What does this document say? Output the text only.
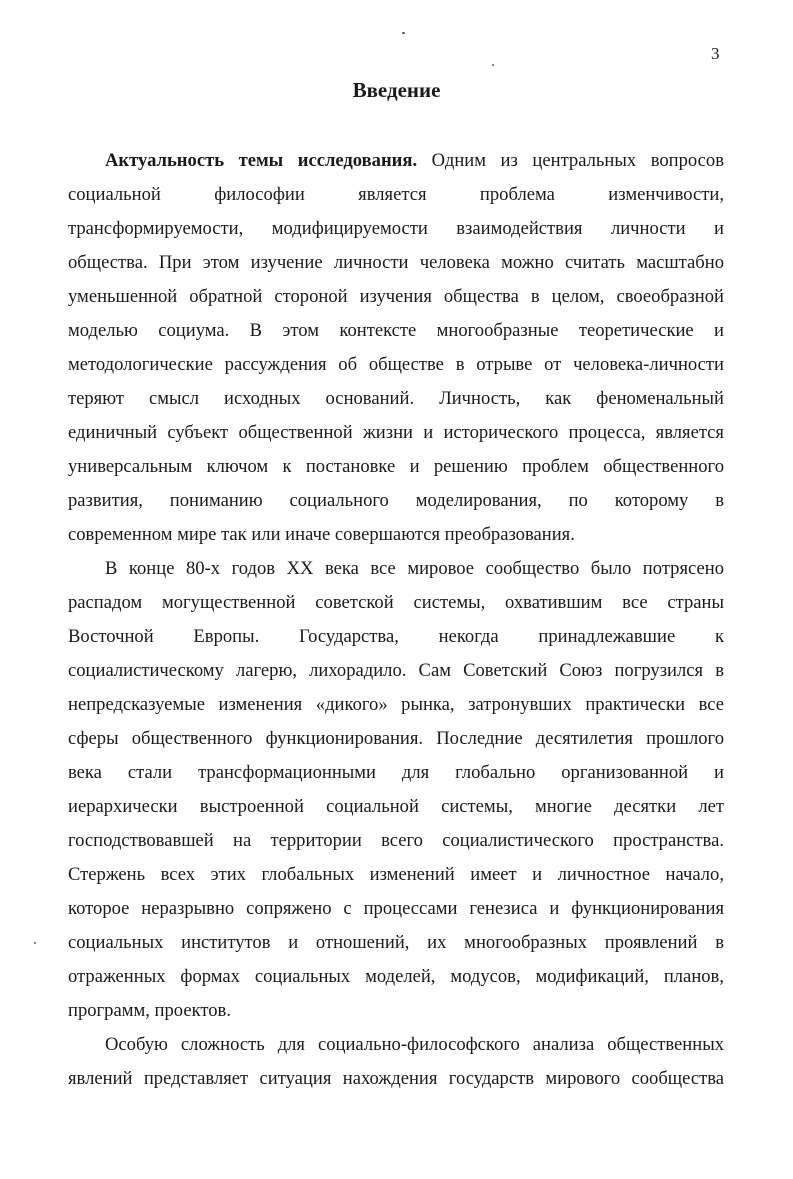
3
Введение
Актуальность темы исследования. Одним из центральных вопросов
социальной философии является проблема изменчивости,
трансформируемости, модифицируемости взаимодействия личности и
общества. При этом изучение личности человека можно считать масштабно
уменьшенной обратной стороной изучения общества в целом, своеобразной
моделью социума. В этом контексте многообразные теоретические и
методологические рассуждения об обществе в отрыве от человека-личности
теряют смысл исходных оснований. Личность, как феноменальный
единичный субъект общественной жизни и исторического процесса, является
универсальным ключом к постановке и решению проблем общественного
развития, пониманию социального моделирования, по которому в
современном мире так или иначе совершаются преобразования.
В конце 80-х годов XX века все мировое сообщество было потрясено
распадом могущественной советской системы, охватившим все страны
Восточной Европы. Государства, некогда принадлежавшие к
социалистическому лагерю, лихорадило. Сам Советский Союз погрузился в
непредсказуемые изменения «дикого» рынка, затронувших практически все
сферы общественного функционирования. Последние десятилетия прошлого
века стали трансформационными для глобально организованной и
иерархически выстроенной социальной системы, многие десятки лет
господствовавшей на территории всего социалистического пространства.
Стержень всех этих глобальных изменений имеет и личностное начало,
которое неразрывно сопряжено с процессами генезиса и функционирования
социальных институтов и отношений, их многообразных проявлений в
отраженных формах социальных моделей, модусов, модификаций, планов,
программ, проектов.
Особую сложность для социально-философского анализа общественных
явлений представляет ситуация нахождения государств мирового сообщества
